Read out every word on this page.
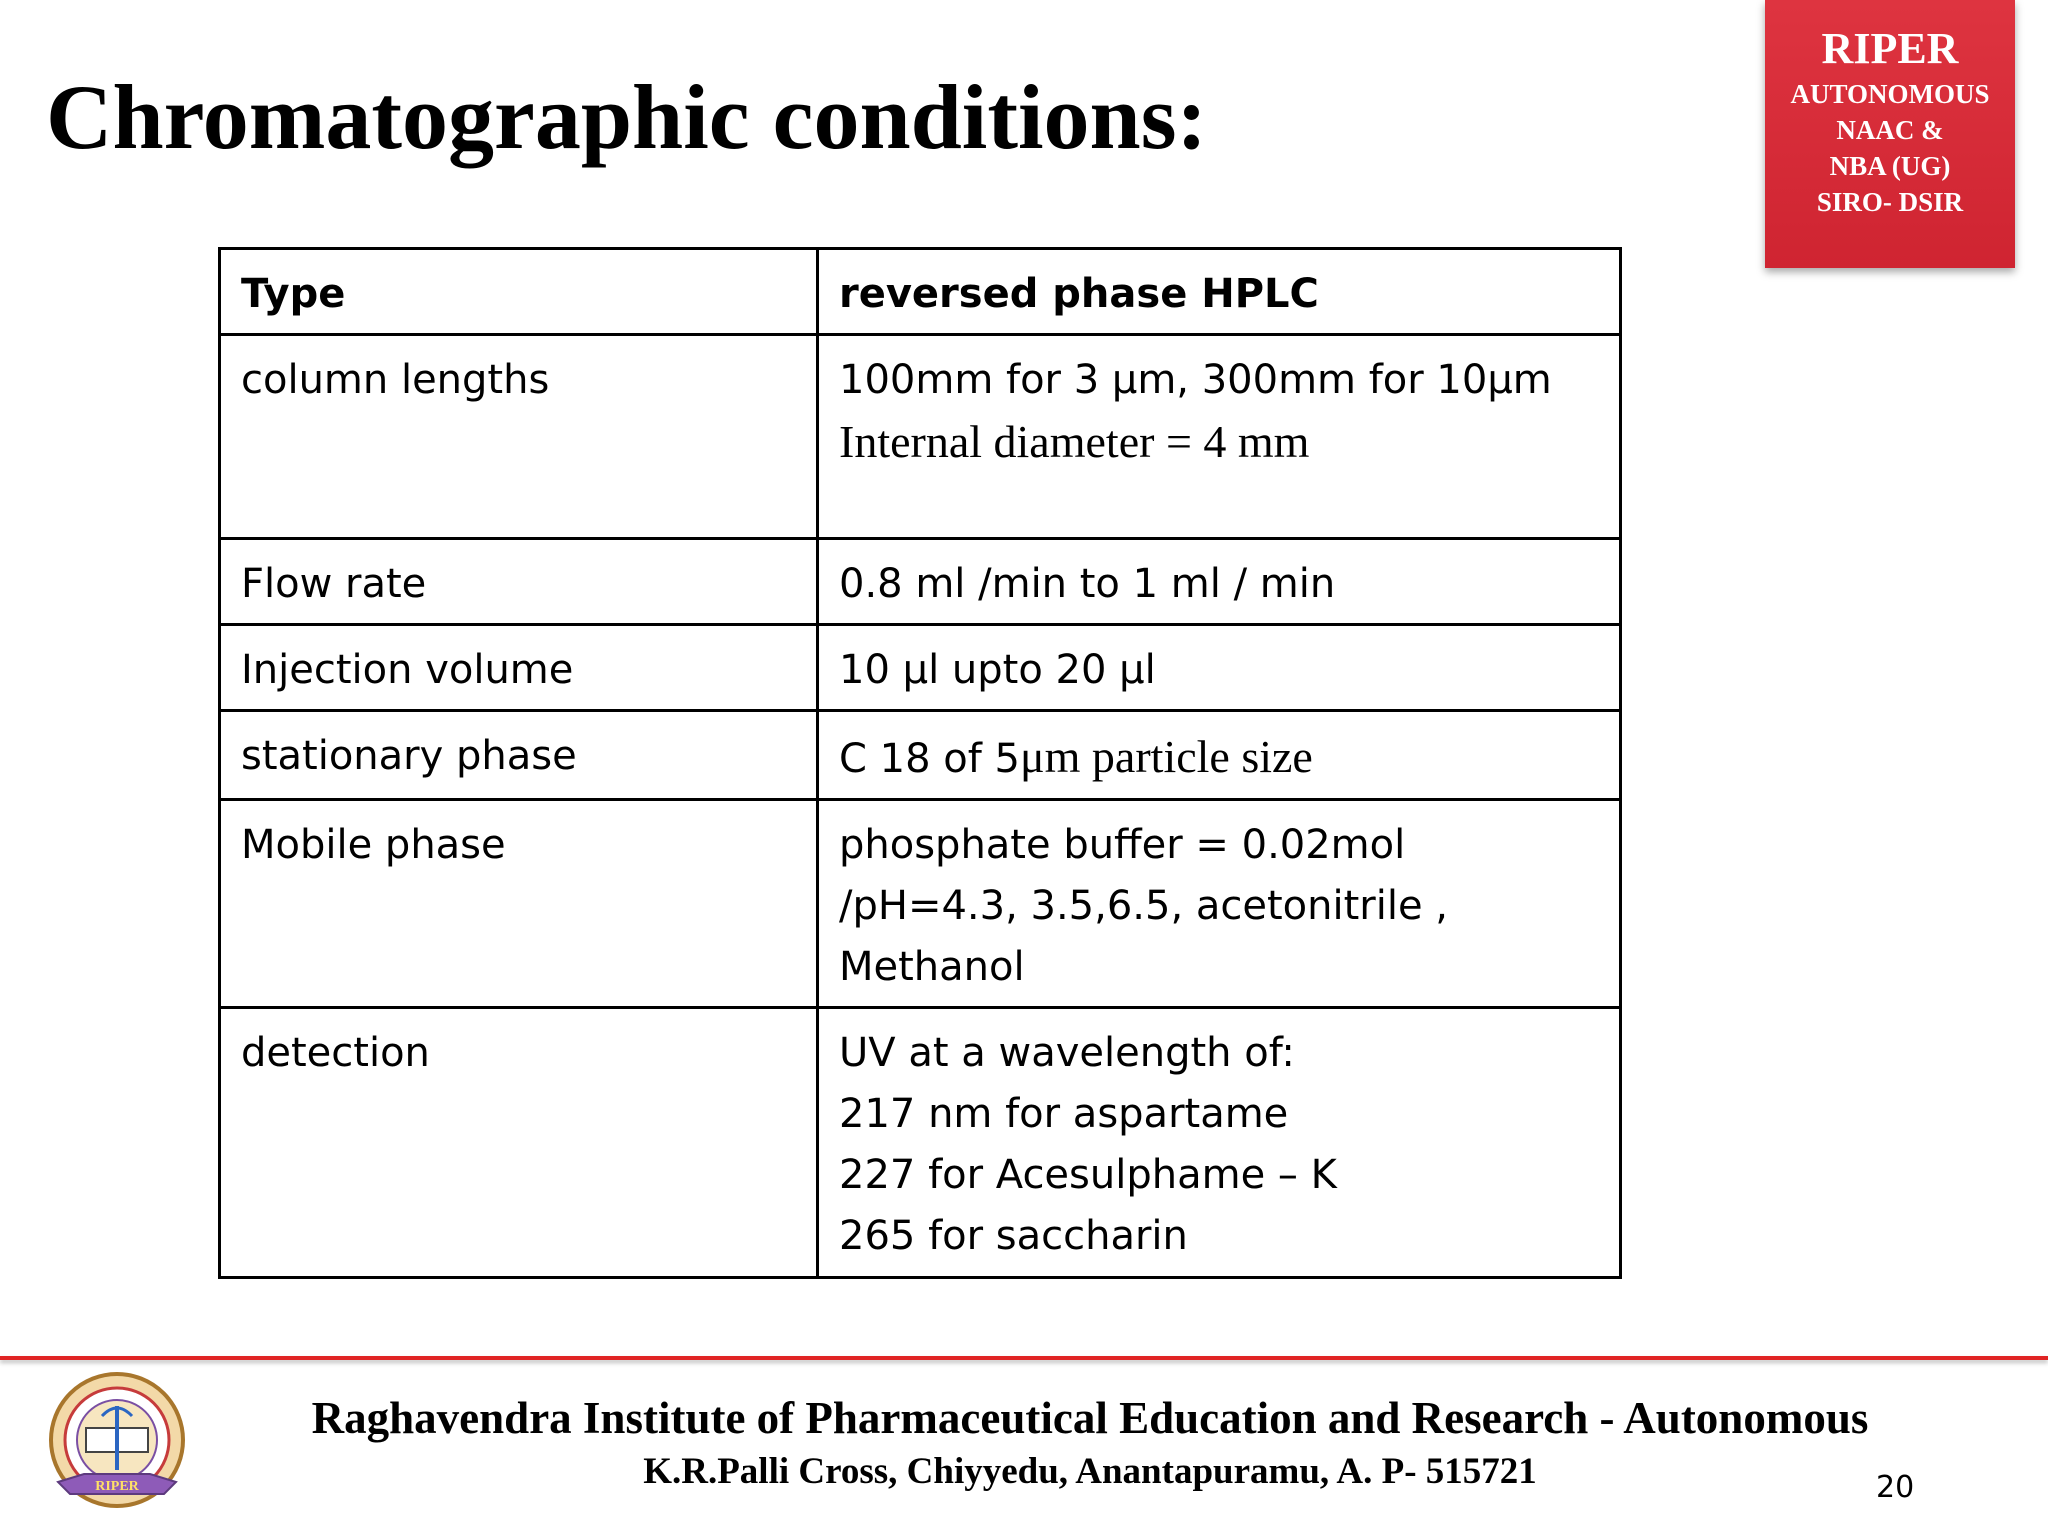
Chromatographic conditions:
RIPER
AUTONOMOUS
NAAC &
NBA (UG)
SIRO- DSIR
Type	reversed phase HPLC
column lengths	100mm for 3 μm, 300mm for 10μm
Internal diameter = 4 mm

Flow rate	0.8 ml /min to 1 ml / min

Injection volume	10 µl upto 20 µl

stationary phase	C 18 of 5μm particle size

Mobile phase	phosphate buffer = 0.02mol
/pH=4.3, 3.5,6.5, acetonitrile ,
Methanol

detection	UV at a wavelength of:
217 nm for aspartame
227 for Acesulphame – K
265 for saccharin
RIPER
Raghavendra Institute of Pharmaceutical Education and Research - Autonomous
K.R.Palli Cross, Chiyyedu, Anantapuramu, A. P- 515721	20
